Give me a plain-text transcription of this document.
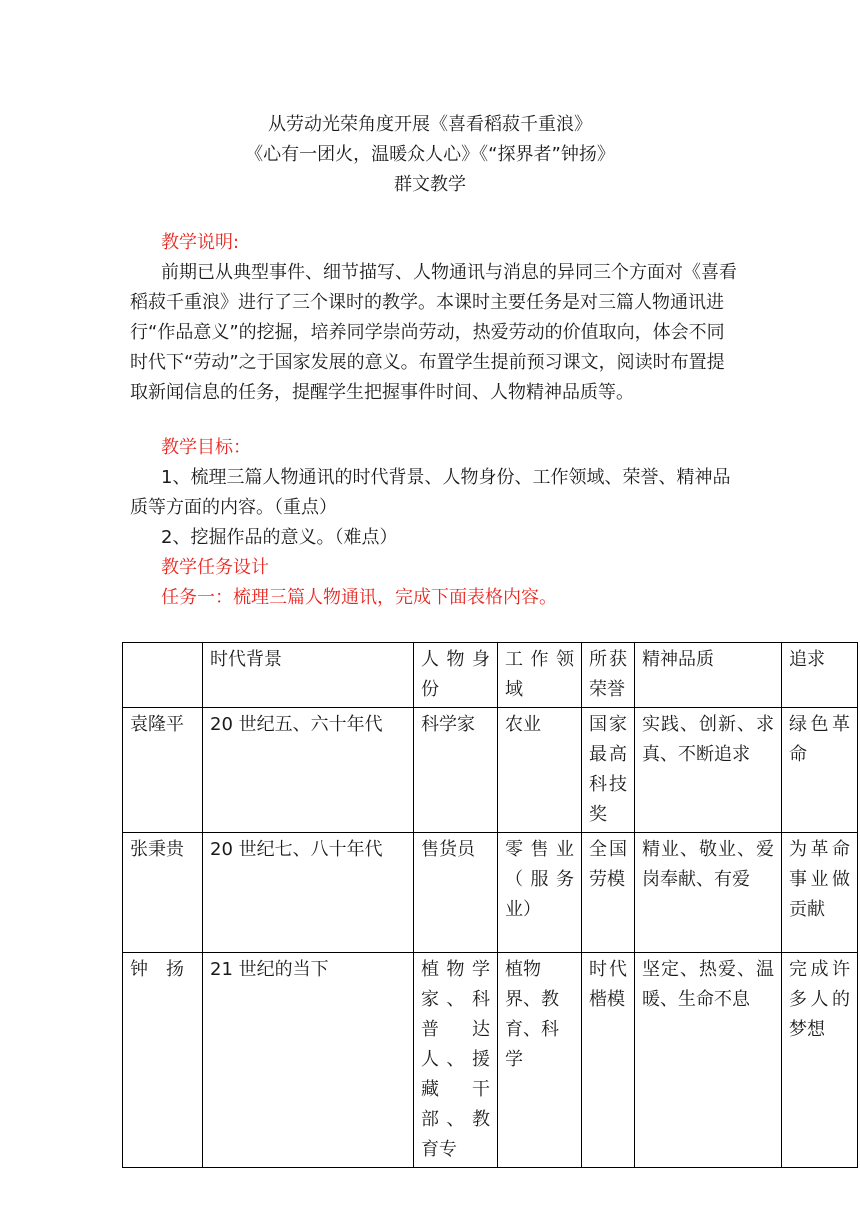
从劳动光荣角度开展《喜看稻菽千重浪》
《心有一团火，温暖众人心》《“探界者”钟扬》
群文教学
教学说明:
前期已从典型事件、细节描写、人物通讯与消息的异同三个方面对《喜看稻菽千重浪》进行了三个课时的教学。本课时主要任务是对三篇人物通讯进行“作品意义”的挖掘，培养同学崇尚劳动，热爱劳动的价值取向，体会不同时代下“劳动”之于国家发展的意义。布置学生提前预习课文，阅读时布置提取新闻信息的任务，提醒学生把握事件时间、人物精神品质等。
教学目标：
1、梳理三篇人物通讯的时代背景、人物身份、工作领域、荣誉、精神品质等方面的内容。（重点）
2、挖掘作品的意义。（难点）
教学任务设计
任务一：梳理三篇人物通讯，完成下面表格内容。
	时代背景	人物身份	工作领域	所获荣誉	精神品质	追求
袁隆平	20 世纪五、六十年代	科学家	农业	国家最高科技奖	实践、创新、求真、不断追求	绿色革命
张秉贵	20 世纪七、八十年代	售货员	零售业（服务业）	全国劳模	精业、敬业、爱岗奉献、有爱	为革命事业做贡献
钟　扬	21 世纪的当下	植物学家、科普达人、援藏干部、教育专	植物界、教育、科学	时代楷模	坚定、热爱、温暖、生命不息	完成许多人的梦想
